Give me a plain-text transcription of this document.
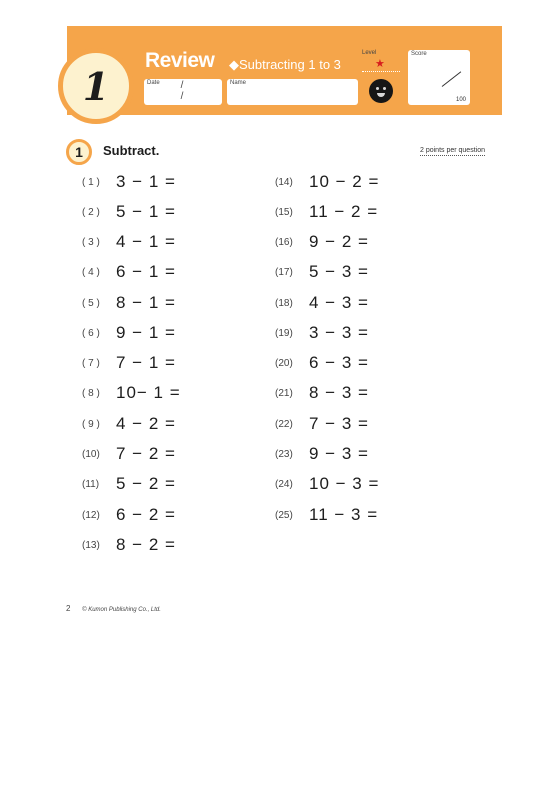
1
Review ◆Subtracting 1 to 3
Date	/ /
Name
Level
★
Score
100
1 Subtract.	2 points per question
( 1 ) 3 − 1 =
( 2 ) 5 − 1 =
( 3 ) 4 − 1 =
( 4 ) 6 − 1 =
( 5 ) 8 − 1 =
( 6 ) 9 − 1 =
( 7 ) 7 − 1 =
( 8 ) 10− 1 =
( 9 ) 4 − 2 =
(10) 7 − 2 =
(11) 5 − 2 =
(12) 6 − 2 =
(13) 8 − 2 =
(14) 10 − 2 =
(15) 11 − 2 =
(16) 9 − 2 =
(17) 5 − 3 =
(18) 4 − 3 =
(19) 3 − 3 =
(20) 6 − 3 =
(21) 8 − 3 =
(22) 7 − 3 =
(23) 9 − 3 =
(24) 10 − 3 =
(25) 11 − 3 =
2 © Kumon Publishing Co., Ltd.
